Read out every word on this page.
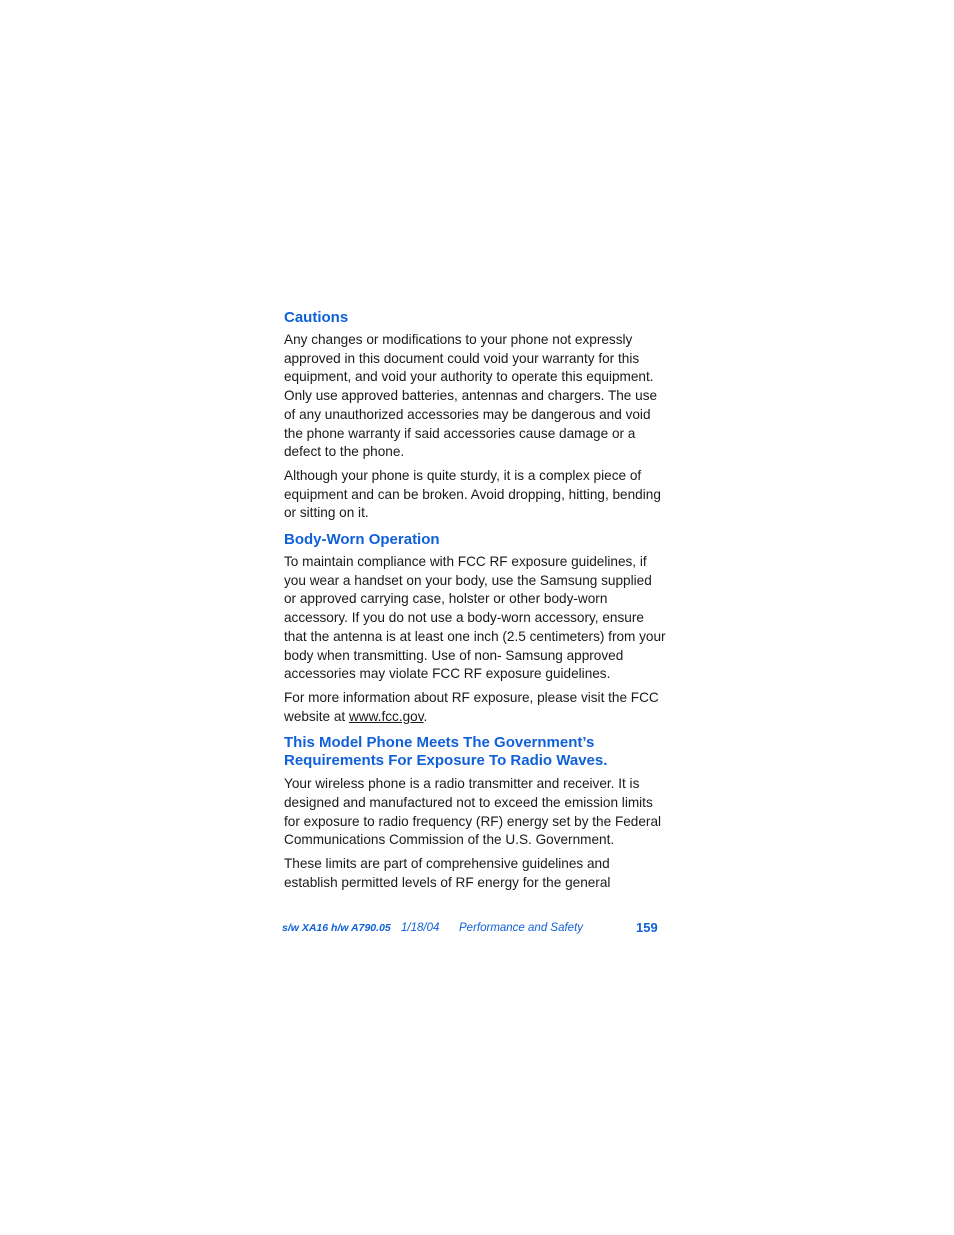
Cautions

Any changes or modifications to your phone not expressly approved in this document could void your warranty for this equipment, and void your authority to operate this equipment. Only use approved batteries, antennas and chargers. The use of any unauthorized accessories may be dangerous and void the phone warranty if said accessories cause damage or a defect to the phone.

Although your phone is quite sturdy, it is a complex piece of equipment and can be broken. Avoid dropping, hitting, bending or sitting on it.

Body-Worn Operation

To maintain compliance with FCC RF exposure guidelines, if you wear a handset on your body, use the Samsung supplied or approved carrying case, holster or other body-worn accessory. If you do not use a body-worn accessory, ensure that the antenna is at least one inch (2.5 centimeters) from your body when transmitting. Use of non- Samsung approved accessories may violate FCC RF exposure guidelines.

For more information about RF exposure, please visit the FCC website at www.fcc.gov.

This Model Phone Meets The Government’s
Requirements For Exposure To Radio Waves.

Your wireless phone is a radio transmitter and receiver. It is designed and manufactured not to exceed the emission limits for exposure to radio frequency (RF) energy set by the Federal Communications Commission of the U.S. Government.

These limits are part of comprehensive guidelines and establish permitted levels of RF energy for the general

s/w XA16 h/w A790.05 1/18/04 Performance and Safety	159
